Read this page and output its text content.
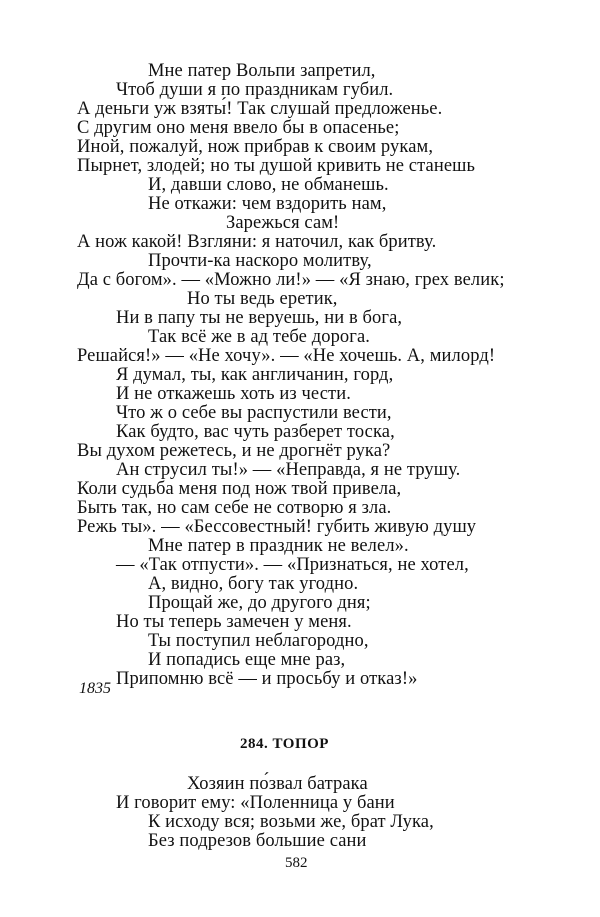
Мне патер Вольпи запретил,
Чтоб души я по праздникам губил.
А деньги уж взяты́! Так слушай предложенье.
С другим оно меня ввело бы в опасенье;
Иной, пожалуй, нож прибрав к своим рукам,
Пырнет, злодей; но ты душой кривить не станешь
И, давши слово, не обманешь.
Не откажи: чем вздорить нам,
Зарежься сам!
А нож какой! Взгляни: я наточил, как бритву.
Прочти-ка наскоро молитву,
Да с богом». — «Можно ли!» — «Я знаю, грех велик;
Но ты ведь еретик,
Ни в папу ты не веруешь, ни в бога,
Так всё же в ад тебе дорога.
Решайся!» — «Не хочу». — «Не хочешь. А, милорд!
Я думал, ты, как англичанин, горд,
И не откажешь хоть из чести.
Что ж о себе вы распустили вести,
Как будто, вас чуть разберет тоска,
Вы духом режетесь, и не дрогнёт рука?
Ан струсил ты!» — «Неправда, я не трушу.
Коли судьба меня под нож твой привела,
Быть так, но сам себе не сотворю я зла.
Режь ты». — «Бессовестный! губить живую душу
Мне патер в праздник не велел».
— «Так отпусти». — «Признаться, не хотел,
А, видно, богу так угодно.
Прощай же, до другого дня;
Но ты теперь замечен у меня.
Ты поступил неблагородно,
И попадись еще мне раз,
Припомню всё — и просьбу и отказ!»
1835
284. ТОПОР
Хозяин по́звал батрака
И говорит ему: «Поленница у бани
К исходу вся; возьми же, брат Лука,
Без подрезов большие сани
582
